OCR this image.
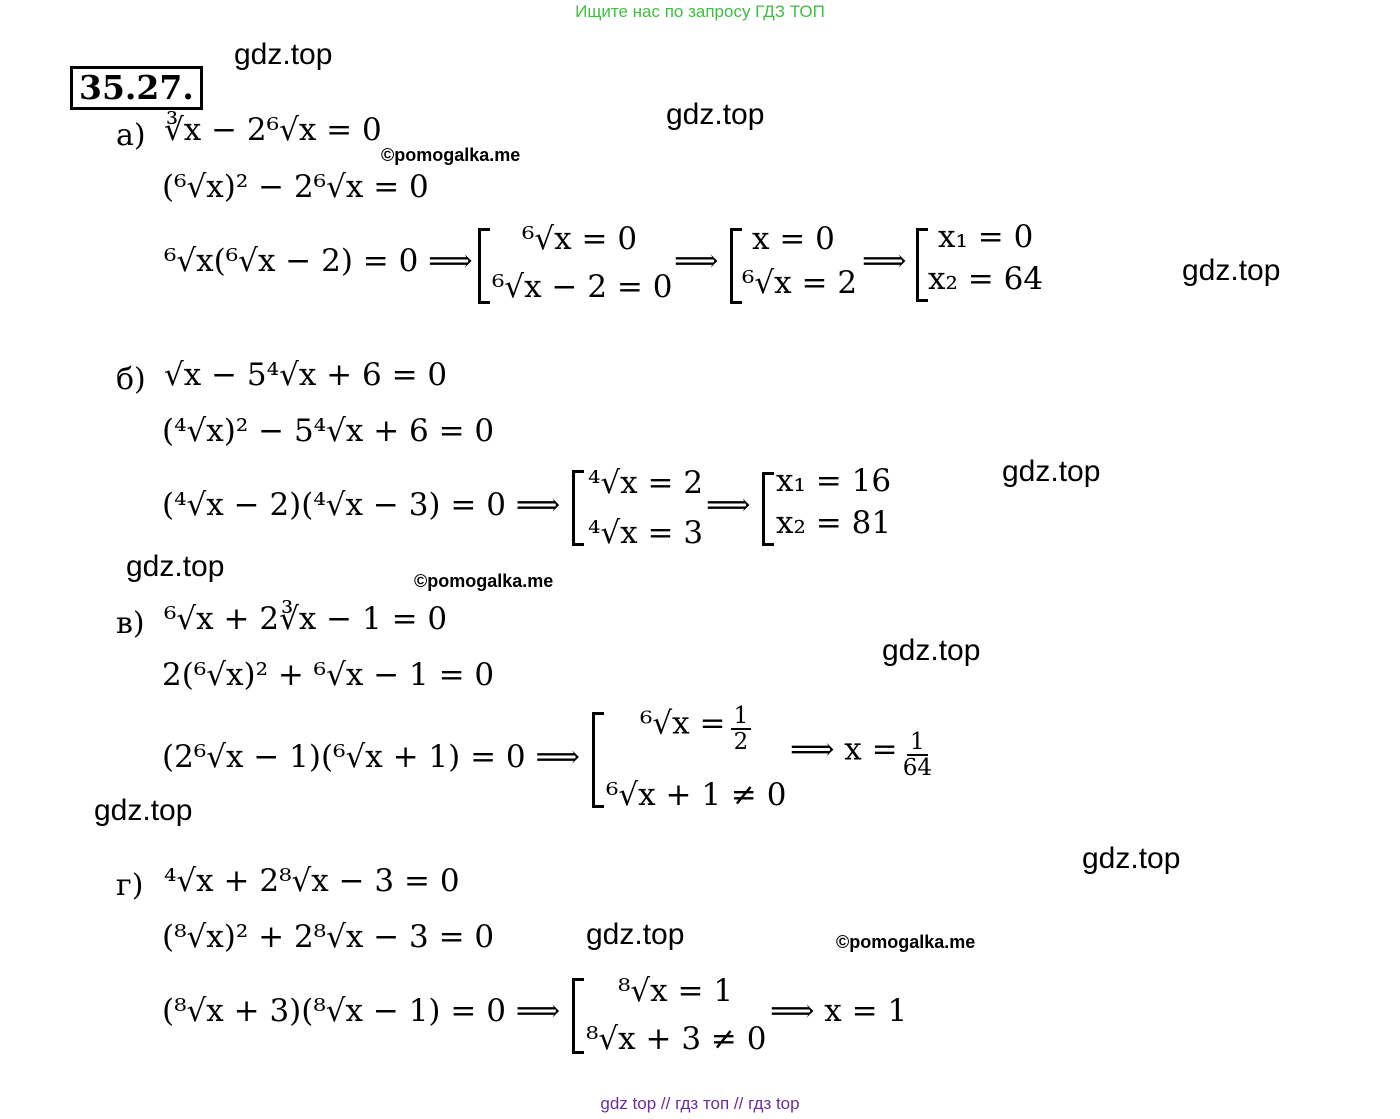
Ищите нас по запросу ГДЗ ТОП
35.27.
gdz.top
gdz.top
gdz.top
gdz.top
gdz.top
gdz.top
gdz.top
gdz.top
gdz.top
©pomogalka.me
©pomogalka.me
©pomogalka.me
а) ∛x − 2⁶√x = 0
(⁶√x)² − 2⁶√x = 0
⁶√x(⁶√x − 2) = 0 ⟹
⁶√x = 0
⁶√x − 2 = 0
⟹
x = 0
⁶√x = 2
⟹
x₁ = 0
x₂ = 64
б) √x − 5⁴√x + 6 = 0
(⁴√x)² − 5⁴√x + 6 = 0
(⁴√x − 2)(⁴√x − 3) = 0 ⟹
⁴√x = 2
⁴√x = 3
⟹
x₁ = 16
x₂ = 81
в) ⁶√x + 2∛x − 1 = 0
2(⁶√x)² + ⁶√x − 1 = 0
(2⁶√x − 1)(⁶√x + 1) = 0 ⟹
$^6√x = \frac{1}{2}$
⁶√x + 1 ≠ 0
⟹ $x = \frac{1}{64}$
г) ⁴√x + 2⁸√x − 3 = 0
(⁸√x)² + 2⁸√x − 3 = 0
(⁸√x + 3)(⁸√x − 1) = 0 ⟹
⁸√x = 1
⁸√x + 3 ≠ 0
⟹ x = 1
gdz top // гдз топ // гдз top
